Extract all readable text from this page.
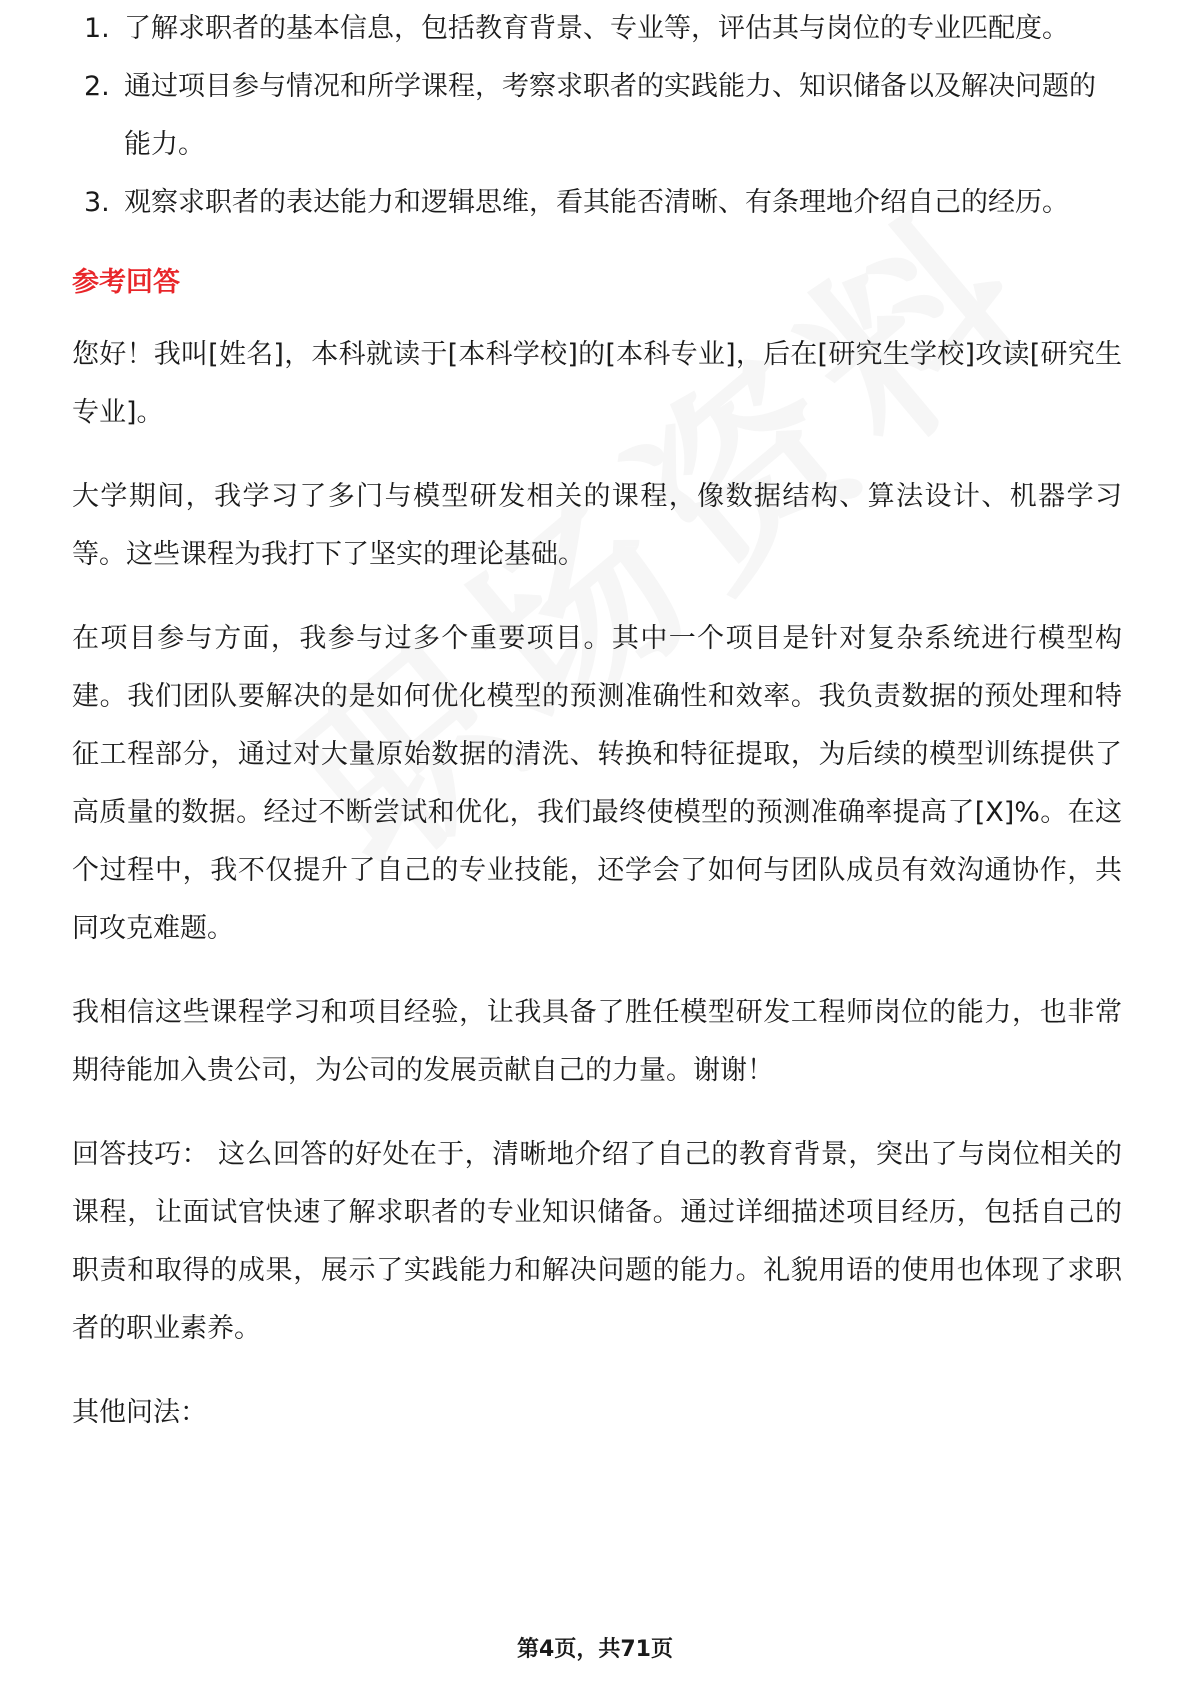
1. 了解求职者的基本信息，包括教育背景、专业等，评估其与岗位的专业匹配度。
2. 通过项目参与情况和所学课程，考察求职者的实践能力、知识储备以及解决问题的能力。
3. 观察求职者的表达能力和逻辑思维，看其能否清晰、有条理地介绍自己的经历。
参考回答

您好！我叫[姓名]，本科就读于[本科学校]的[本科专业]，后在[研究生学校]攻读[研究生专业]。

大学期间，我学习了多门与模型研发相关的课程，像数据结构、算法设计、机器学习等。这些课程为我打下了坚实的理论基础。

在项目参与方面，我参与过多个重要项目。其中一个项目是针对复杂系统进行模型构建。我们团队要解决的是如何优化模型的预测准确性和效率。我负责数据的预处理和特征工程部分，通过对大量原始数据的清洗、转换和特征提取，为后续的模型训练提供了高质量的数据。经过不断尝试和优化，我们最终使模型的预测准确率提高了[X]%。在这个过程中，我不仅提升了自己的专业技能，还学会了如何与团队成员有效沟通协作，共同攻克难题。

我相信这些课程学习和项目经验，让我具备了胜任模型研发工程师岗位的能力，也非常期待能加入贵公司，为公司的发展贡献自己的力量。谢谢！

回答技巧： 这么回答的好处在于，清晰地介绍了自己的教育背景，突出了与岗位相关的课程，让面试官快速了解求职者的专业知识储备。通过详细描述项目经历，包括自己的职责和取得的成果，展示了实践能力和解决问题的能力。礼貌用语的使用也体现了求职者的职业素养。

其他问法：

第4页，共71页
